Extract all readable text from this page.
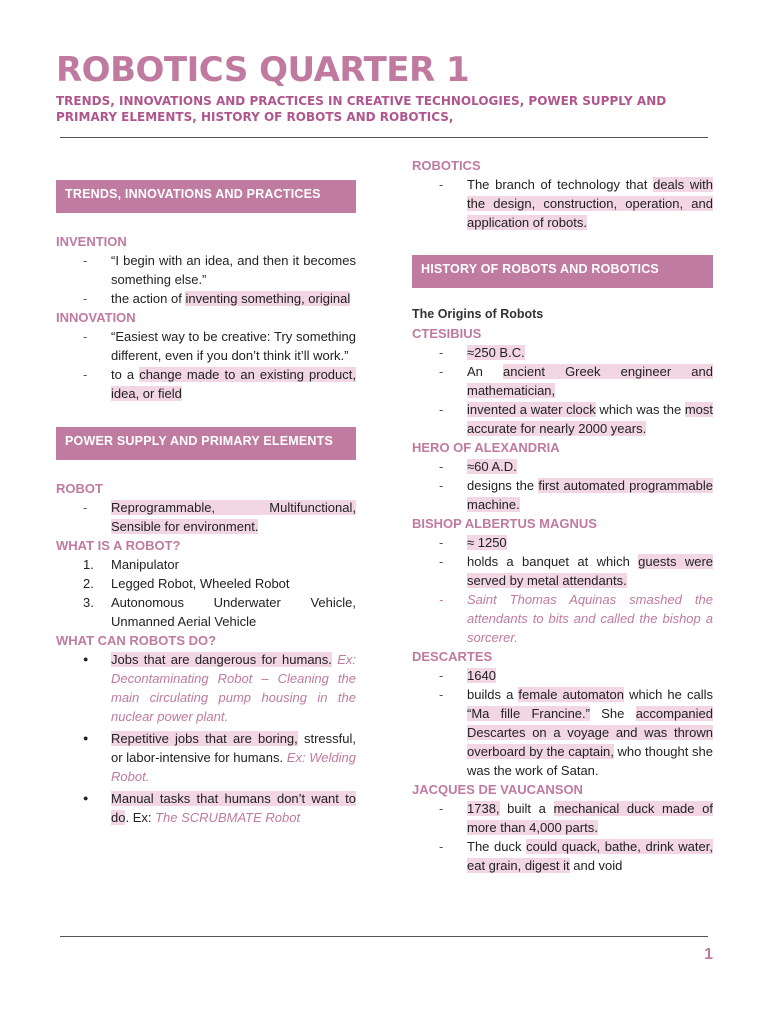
ROBOTICS QUARTER 1

TRENDS, INNOVATIONS AND PRACTICES IN CREATIVE TECHNOLOGIES, POWER SUPPLY AND PRIMARY ELEMENTS, HISTORY OF ROBOTS AND ROBOTICS,

TRENDS, INNOVATIONS AND PRACTICES
INVENTION
- “I begin with an idea, and then it becomes something else.”
- the action of inventing something, original
INNOVATION
- “Easiest way to be creative: Try something different, even if you don’t think it’ll work.”
- to a change made to an existing product, idea, or field
POWER SUPPLY AND PRIMARY ELEMENTS
ROBOT
- Reprogrammable, Multifunctional, Sensible for environment.
WHAT IS A ROBOT?
1. Manipulator
2. Legged Robot, Wheeled Robot
3. Autonomous Underwater Vehicle, Unmanned Aerial Vehicle
WHAT CAN ROBOTS DO?
● Jobs that are dangerous for humans. Ex: Decontaminating Robot – Cleaning the main circulating pump housing in the nuclear power plant.
● Repetitive jobs that are boring, stressful, or labor-intensive for humans. Ex: Welding Robot.
● Manual tasks that humans don’t want to do. Ex: The SCRUBMATE Robot
ROBOTICS
- The branch of technology that deals with the design, construction, operation, and application of robots.
HISTORY OF ROBOTS AND ROBOTICS
The Origins of Robots
CTESIBIUS
- ≈250 B.C.
- An ancient Greek engineer and mathematician,
- invented a water clock which was the most accurate for nearly 2000 years.
HERO OF ALEXANDRIA
- ≈60 A.D.
- designs the first automated programmable machine.
BISHOP ALBERTUS MAGNUS
- ≈ 1250
- holds a banquet at which guests were served by metal attendants.
- Saint Thomas Aquinas smashed the attendants to bits and called the bishop a sorcerer.
DESCARTES
- 1640
- builds a female automaton which he calls “Ma fille Francine.” She accompanied Descartes on a voyage and was thrown overboard by the captain, who thought she was the work of Satan.
JACQUES DE VAUCANSON
- 1738, built a mechanical duck made of more than 4,000 parts.
- The duck could quack, bathe, drink water, eat grain, digest it and void
1
